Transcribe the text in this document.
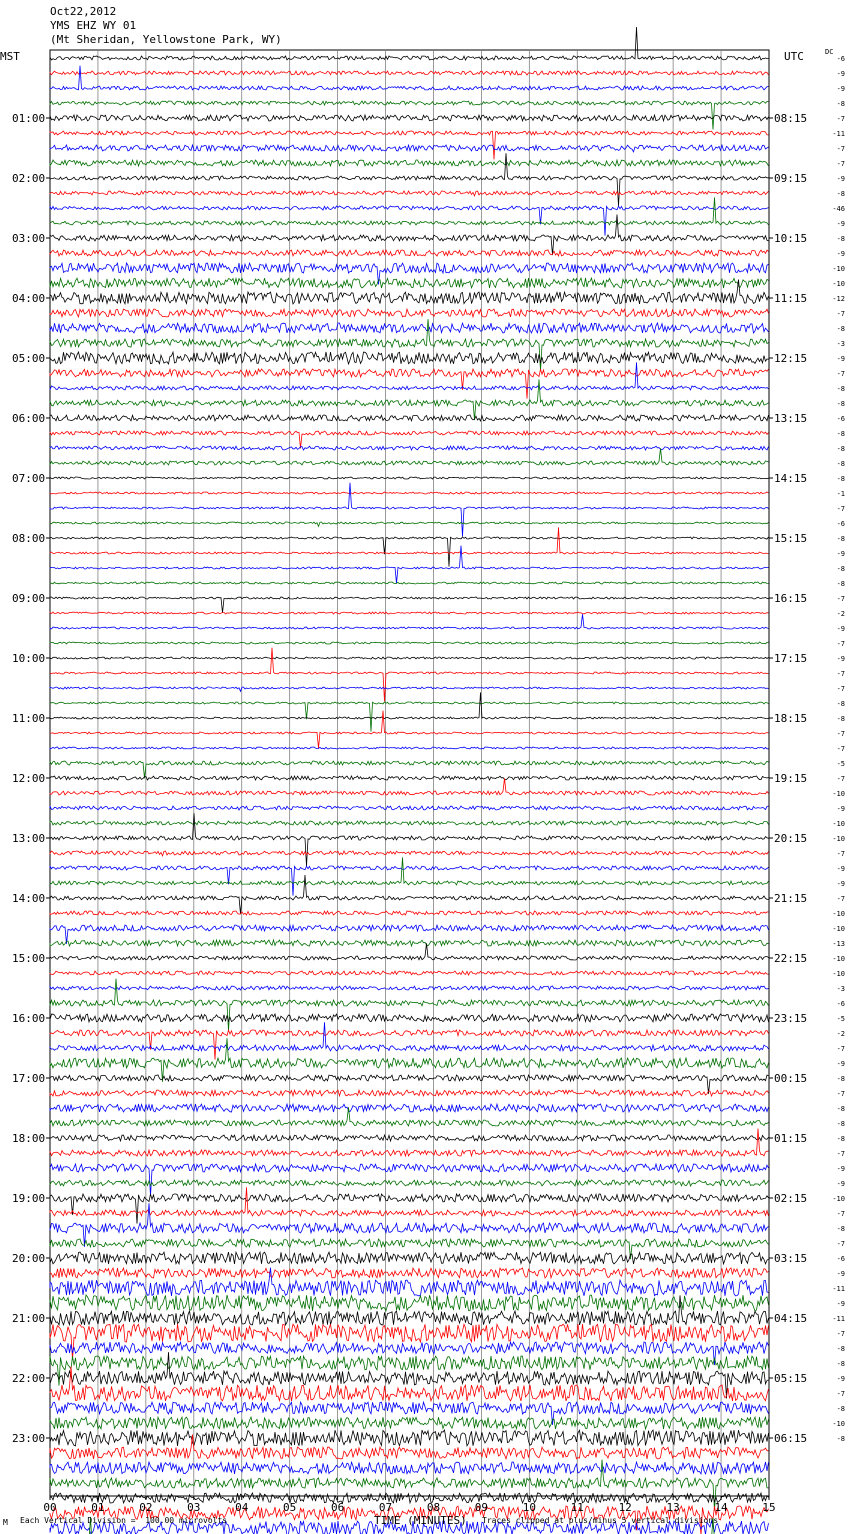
Oct22,2012
YMS EHZ WY 01
(Mt Sheridan, Yellowstone Park, WY)
MST	UTC	DC
01:00
02:00
03:00
04:00
05:00
06:00
07:00
08:00
09:00
10:00
11:00
12:00
13:00
14:00
15:00
16:00
17:00
18:00
19:00
20:00
21:00
22:00
23:00
08:15
09:15
10:15
11:15
12:15
13:15
14:15
15:15
16:15
17:15
18:15
19:15
20:15
21:15
22:15
23:15
00:15
01:15
02:15
03:15
04:15
05:15
06:15
-6
-9
-9
-8
-7
-11
-7
-7
-9
-8
-46
-9
-8
-9
-10
-10
-12
-7
-8
-3
-9
-7
-8
-8
-6
-8
-8
-8
-8
-1
-7
-6
-8
-9
-8
-8
-7
-2
-9
-7
-9
-7
-7
-8
-8
-7
-7
-5
-7
-10
-9
-10
-10
-7
-9
-9
-7
-10
-10
-13
-10
-10
-3
-6
-5
-2
-7
-9
-8
-7
-8
-8
-8
-7
-9
-9
-10
-7
-8
-7
-6
-9
-11
-9
-11
-7
-8
-8
-9
-7
-8
-10
-8
00	01	02	03	04	05	06	07	08	09	10	11	12	13	14	15
M Each Vertical Division =  100.00 microvolts	TIME (MINUTES) Traces clipped at plus/minus 5 vertical divisions
